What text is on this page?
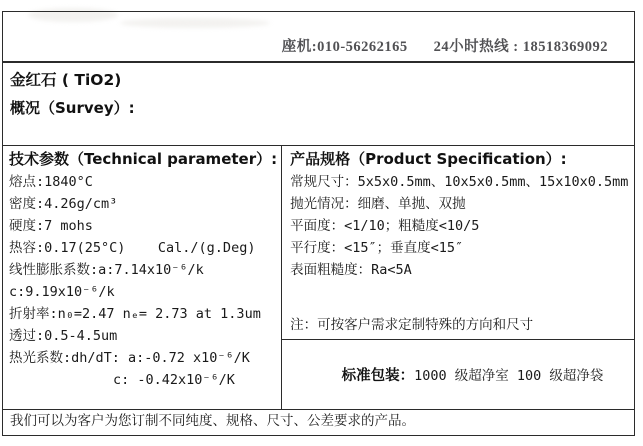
座机:010-56262165 24小时热线 : 18518369092
金红石 ( TiO2)
概况（Survey）:
技术参数（Technical parameter）:
熔点:1840°C
密度:4.26g/cm³
硬度:7 mohs
热容:0.17(25°C)    Cal./(g.Deg)
线性膨胀系数:a:7.14x10⁻⁶/k
c:9.19x10⁻⁶/k
折射率:n₀=2.47 nₑ= 2.73 at 1.3um
透过:0.5-4.5um
热光系数:dh/dT: a:-0.72 x10⁻⁶/K
c: -0.42x10⁻⁶/K
产品规格（Product Specification）:
常规尺寸：5x5x0.5mm、10x5x0.5mm、15x10x0.5mm
抛光情况：细磨、单抛、双抛
平面度：<1/10；粗糙度<10/5
平行度：<15″；垂直度<15″
表面粗糙度：Ra<5A
注：可按客户需求定制特殊的方向和尺寸

标准包装：1000 级超净室 100 级超净袋

我们可以为客户为您订制不同纯度、规格、尺寸、公差要求的产品。
